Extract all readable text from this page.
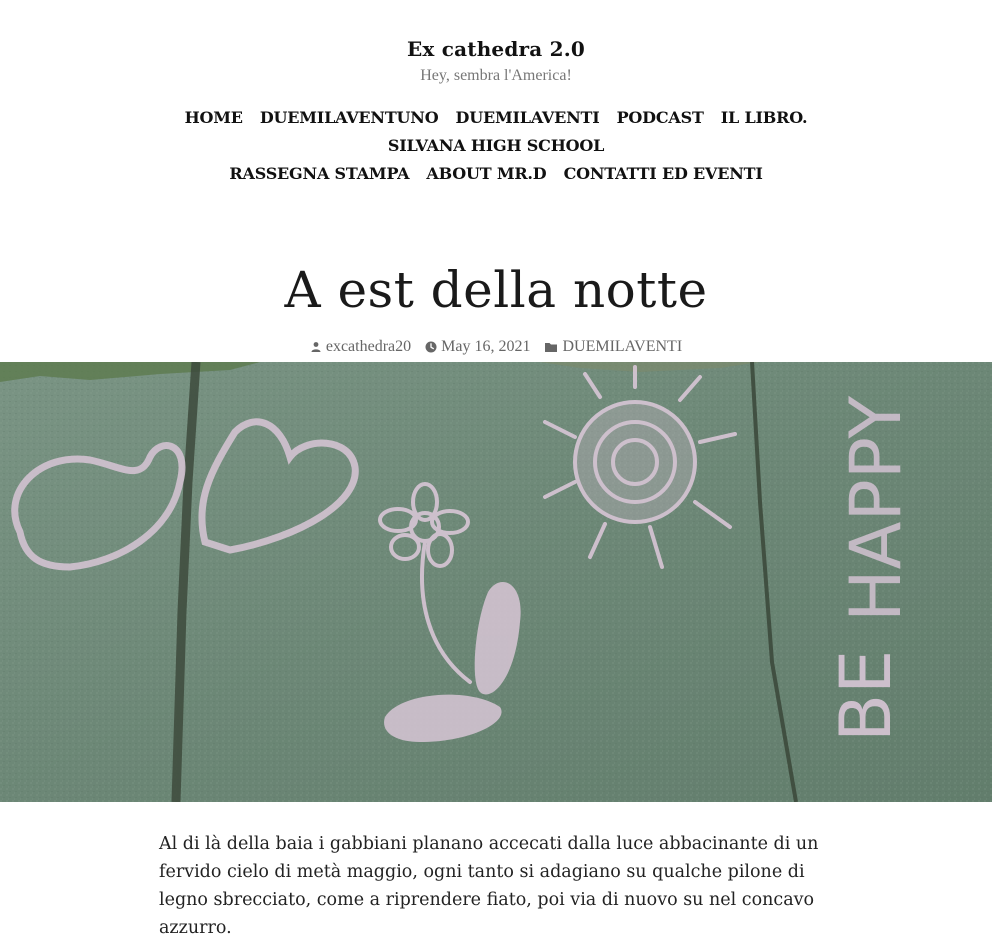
Ex cathedra 2.0
Hey, sembra l'America!
HOME DUEMILAVENTUNO DUEMILAVENTI PODCAST IL LIBRO. SILVANA HIGH SCHOOL
RASSEGNA STAMPA ABOUT MR.D CONTATTI ED EVENTI
A est della notte
excathedra20 May 16, 2021 DUEMILAVENTI
HAPPY
BE

Al di là della baia i gabbiani planano accecati dalla luce abbacinante di un fervido cielo di metà maggio, ogni tanto si adagiano su qualche pilone di legno sbrecciato, come a riprendere fiato, poi via di nuovo su nel concavo azzurro.
